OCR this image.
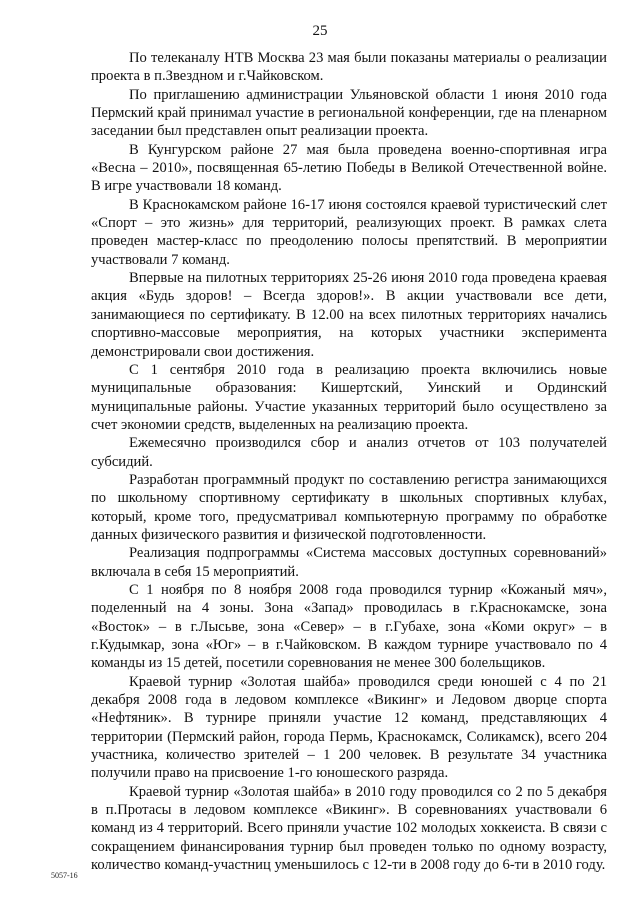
25

По телеканалу НТВ Москва 23 мая были показаны материалы о реализации проекта в п.Звездном и г.Чайковском.

По приглашению администрации Ульяновской области 1 июня 2010 года Пермский край принимал участие в региональной конференции, где на пленарном заседании был представлен опыт реализации проекта.

В Кунгурском районе 27 мая была проведена военно-спортивная игра «Весна – 2010», посвященная 65-летию Победы в Великой Отечественной войне. В игре участвовали 18 команд.

В Краснокамском районе 16-17 июня состоялся краевой туристический слет «Спорт – это жизнь» для территорий, реализующих проект. В рамках слета проведен мастер-класс по преодолению полосы препятствий. В мероприятии участвовали 7 команд.

Впервые на пилотных территориях 25-26 июня 2010 года проведена краевая акция «Будь здоров! – Всегда здоров!». В акции участвовали все дети, занимающиеся по сертификату. В 12.00 на всех пилотных территориях начались спортивно-массовые мероприятия, на которых участники эксперимента демонстрировали свои достижения.

С 1 сентября 2010 года в реализацию проекта включились новые муниципальные образования: Кишертский, Уинский и Ординский муниципальные районы. Участие указанных территорий было осуществлено за счет экономии средств, выделенных на реализацию проекта.

Ежемесячно производился сбор и анализ отчетов от 103 получателей субсидий.

Разработан программный продукт по составлению регистра занимающихся по школьному спортивному сертификату в школьных спортивных клубах, который, кроме того, предусматривал компьютерную программу по обработке данных физического развития и физической подготовленности.

Реализация подпрограммы «Система массовых доступных соревнований» включала в себя 15 мероприятий.

С 1 ноября по 8 ноября 2008 года проводился турнир «Кожаный мяч», поделенный на 4 зоны. Зона «Запад» проводилась в г.Краснокамске, зона «Восток» – в г.Лысьве, зона «Север» – в г.Губахе, зона «Коми округ» – в г.Кудымкар, зона «Юг» – в г.Чайковском. В каждом турнире участвовало по 4 команды из 15 детей, посетили соревнования не менее 300 болельщиков.

Краевой турнир «Золотая шайба» проводился среди юношей с 4 по 21 декабря 2008 года в ледовом комплексе «Викинг» и Ледовом дворце спорта «Нефтяник». В турнире приняли участие 12 команд, представляющих 4 территории (Пермский район, города Пермь, Краснокамск, Соликамск), всего 204 участника, количество зрителей – 1 200 человек. В результате 34 участника получили право на присвоение 1-го юношеского разряда.

Краевой турнир «Золотая шайба» в 2010 году проводился со 2 по 5 декабря в п.Протасы в ледовом комплексе «Викинг». В соревнованиях участвовали 6 команд из 4 территорий. Всего приняли участие 102 молодых хоккеиста. В связи с сокращением финансирования турнир был проведен только по одному возрасту, количество команд-участниц уменьшилось с 12-ти в 2008 году до 6-ти в 2010 году.

5057-16
